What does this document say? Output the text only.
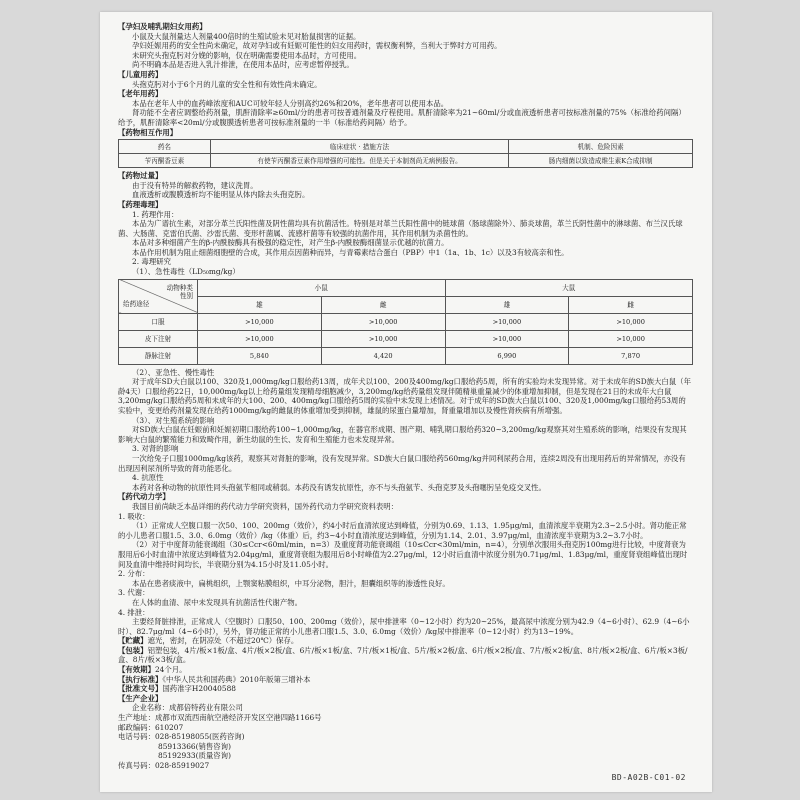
【孕妇及哺乳期妇女用药】

小鼠及大鼠剂量达人剂量400倍时的生殖试验未见对胎鼠损害的证据。

孕妇妊娠用药的安全性尚未确定，故对孕妇或有妊娠可能性的妇女用药时，需权衡利弊，当利大于弊时方可用药。

未研究头孢克肟对分娩的影响，仅在明确需要使用本品时，方可使用。

尚不明确本品是否进入乳汁排泄，在使用本品时，应考虑暂停授乳。

【儿童用药】

头孢克肟对小于6个月的儿童的安全性和有效性尚未确定。

【老年用药】

本品在老年人中的血药峰浓度和AUC可较年轻人分别高约26%和20%，老年患者可以使用本品。

肾功能不全者应调整给药剂量，肌酐清除率≥60ml/分的患者可按普通剂量及疗程使用。肌酐清除率为21~60ml/分或血液透析患者可按标准剂量的75%（标准给药间隔）给予，肌酐清除率<20ml/分或腹膜透析患者可按标准剂量的一半（标准给药间隔）给予。

【药物相互作用】

药名	临床症状 · 措施方法	机制、危险因素
苄丙酮香豆素	有使苄丙酮香豆素作用增强的可能性。但是关于本制剂尚无病例报告。	肠内细菌以致造成维生素K合成抑制

【药物过量】

由于没有特异的解救药物，建议洗胃。

血液透析或腹膜透析均不能明显从体内除去头孢克肟。

【药理毒理】

1. 药理作用：

本品为广谱抗生素，对部分革兰氏阳性菌及阴性菌均具有抗菌活性。特别是对革兰氏阳性菌中的链球菌（肠球菌除外）、肺炎球菌，革兰氏阴性菌中的淋球菌、布兰汉氏球菌、大肠菌、克雷伯氏菌、沙雷氏菌、变形杆菌属、流感杆菌等有较强的抗菌作用，其作用机制为杀菌性的。

本品对多种细菌产生的β-内酰胺酶具有极强的稳定性，对产生β-内酰胺酶细菌显示优越的抗菌力。

本品作用机制为阻止细菌细胞壁的合成，其作用点因菌种而异，与青霉素结合蛋白（PBP）中1（1a、1b、1c）以及3有较高亲和性。

2. 毒理研究

（1）、急性毒性（LD₅₀mg/kg）

动物种类
性别
给药途径	小鼠		大鼠	
	雄	雌	雄	雌
口服	>10,000	>10,000	>10,000	>10,000
皮下注射	>10,000	>10,000	>10,000	>10,000
静脉注射	5,840	4,420	6,990	7,870

（2）、亚急性、慢性毒性

对于成年SD大白鼠以100、320及1,000mg/kg口服给药13周，成年犬以100、200及400mg/kg口服给药5周，所有的实验均未发现异常。对于未成年的SD族大白鼠（年龄4天）口服给药22日，10,000mg/kg以上给药量组发现精母细胞减少，3,200mg/kg给药量组发现伴随精巢重量减少的体重增加抑制，但是发现在21日的未成年大白鼠3,200mg/kg口服给药5周和未成年的大100、200、400mg/kg口服给药5周的实验中未发现上述情况。对于成年的SD族大白鼠以100、320及1,000mg/kg口服给药53周的实验中，变更给药剂量发现在给药1000mg/kg的雌鼠的体重增加受到抑制，雄鼠的尿蛋白量增加，肾重量增加以及慢性肾疾病有所增强。

（3）、对生殖系统的影响

对SD族大白鼠在妊娠前和妊娠初期口服给药100~1,000mg/kg，在器官形成期、围产期、哺乳期口服给药320~3,200mg/kg观察其对生殖系统的影响，结果没有发现其影响大白鼠的繁殖能力和致畸作用，新生幼鼠的生长、发育和生殖能力也未发现异常。

3. 对肾的影响

一次给兔子口服1000mg/kg该药，观察其对肾脏的影响，没有发现异常。SD族大白鼠口服给药560mg/kg并同利尿药合用，连续2周没有出现用药后的异常情况，亦没有出现因利尿剂所导致的肾功能恶化。

4. 抗原性

本药对各种动物的抗原性同头孢氨苄相同或稍弱。本药没有诱发抗原性，亦不与头孢氨苄、头孢克罗及头孢噻肟呈免疫交叉性。

【药代动力学】

我国目前尚缺乏本品详细的药代动力学研究资料，国外药代动力学研究资料表明：

1. 吸收：

（1）正常成人空腹口服一次50、100、200mg（效价），约4小时后血清浓度达到峰值，分别为0.69、1.13、1.95μg/ml，血清浓度半衰期为2.3~2.5小时。肾功能正常的小儿患者口服1.5、3.0、6.0mg（效价）/kg（体重）后，约3~4小时血清浓度达到峰值，分别为1.14、2.01、3.97μg/ml，血清浓度半衰期为3.2~3.7小时。

（2）对于中度肾功能衰竭组（30≤Ccr<60ml/min，n=3）及重度肾功能衰竭组（10≤Ccr<30ml/min，n=4），分别单次服用头孢克肟100mg进行比较，中度肾衰为服用后6小时血清中浓度达到峰值为2.04μg/ml，重度肾衰组为服用后8小时峰值为2.27μg/ml，12小时后血清中浓度分别为0.71μg/ml、1.83μg/ml，重度肾衰组峰值出现时间及血清中维持时间均长，半衰期分别为4.15小时及11.05小时。

2. 分布：

本品在患者痰液中，扁桃组织，上颚窦粘膜组织，中耳分泌物，胆汁，胆囊组织等的渗透性良好。

3. 代谢：

在人体的血清、尿中未发现具有抗菌活性代谢产物。

4. 排泄：

主要经肾脏排泄，正常成人（空腹时）口服50、100、200mg（效价），尿中排泄率（0~12小时）约为20~25%，最高尿中浓度分别为42.9（4~6小时）、62.9（4~6小时）、82.7μg/ml（4~6小时），另外，肾功能正常的小儿患者口服1.5、3.0、6.0mg（效价）/kg尿中排泄率（0~12小时）约为13~19%。

【贮藏】遮光，密封，在阴凉处（不超过20℃）保存。

【包装】铝塑包装，4片/板×1板/盒、4片/板×2板/盒、6片/板×1板/盒、7片/板×1板/盒、5片/板×2板/盒、6片/板×2板/盒、7片/板×2板/盒、8片/板×2板/盒、6片/板×3板/盒、8片/板×3板/盒。

【有效期】24个月。

【执行标准】《中华人民共和国药典》2010年版第三增补本

【批准文号】国药准字H20040588

【生产企业】

企业名称：成都倍特药业有限公司

生产地址：成都市双流西南航空港经济开发区空港四路1166号

邮政编码：610207

电话号码：028-85198055(医药咨询)

85913366(销售咨询)

85192933(质量咨询)

传真号码：028-85919027

BD-A02B-C01-02
